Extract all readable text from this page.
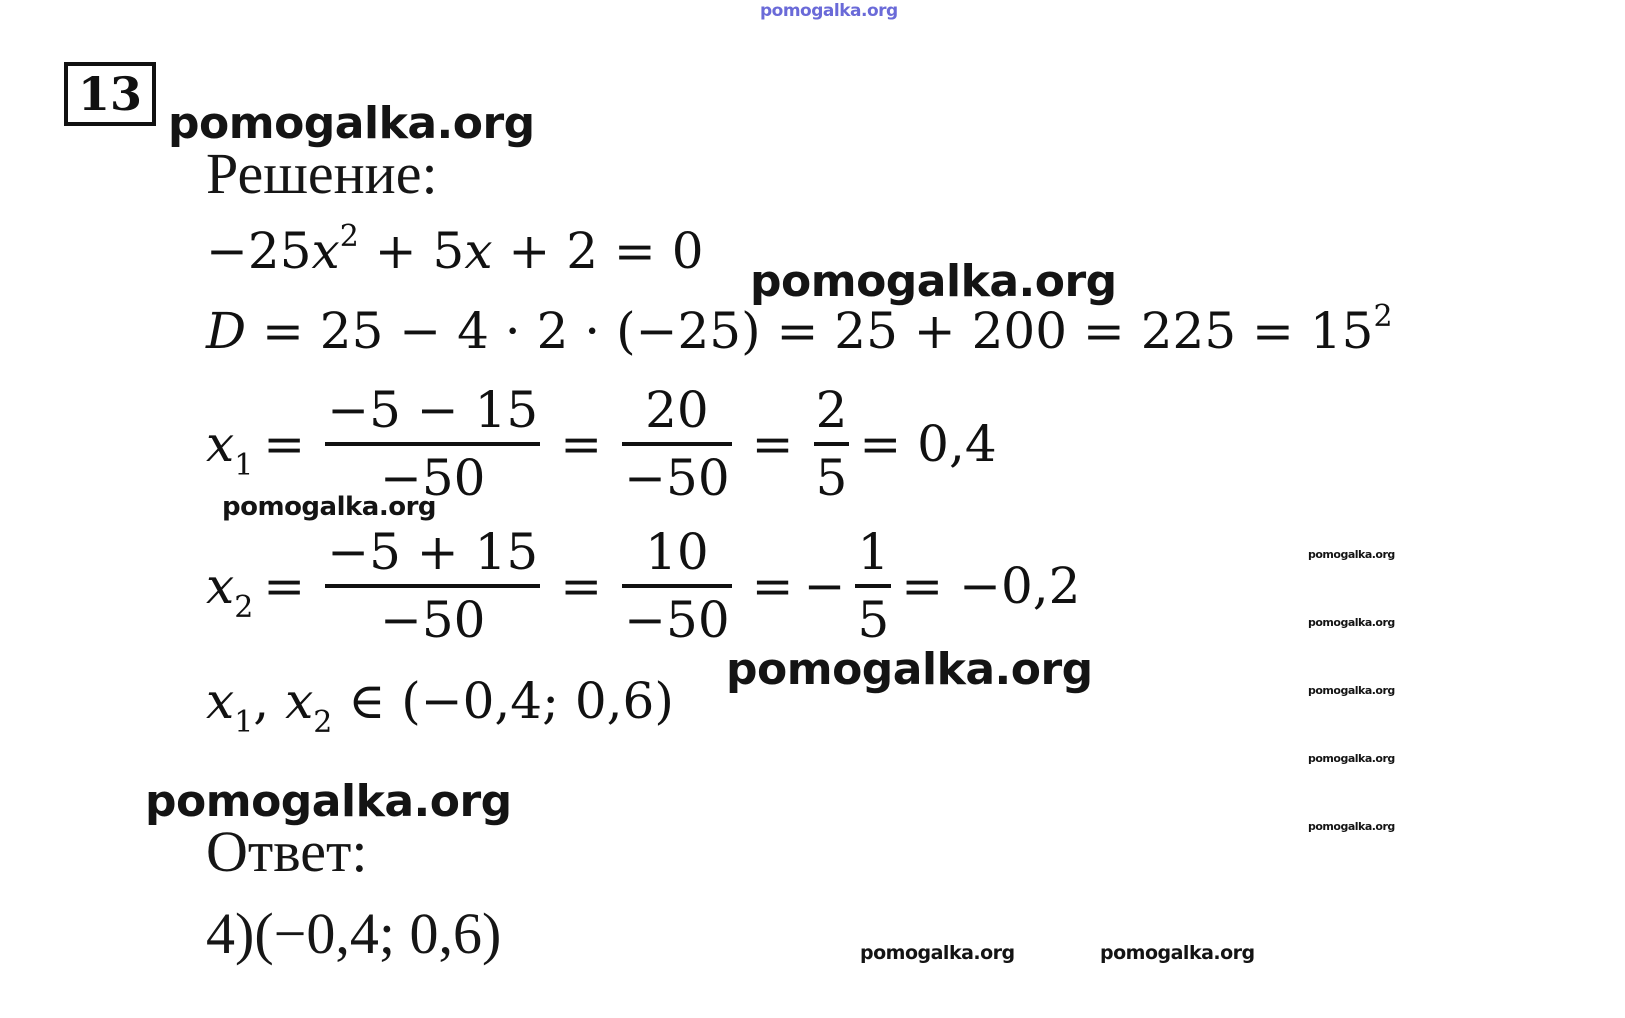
pomogalka.org
13
pomogalka.org
Решение:
$-25x^2 + 5x + 2 = 0$
pomogalka.org
$D = 25 - 4 \cdot 2 \cdot (-25) = 25 + 200 = 225 = 15^2$
$x_1 = \frac{-5 - 15}{-50} = \frac{20}{-50} = \frac{2}{5} = 0,4$
pomogalka.org
$x_2 = \frac{-5 + 15}{-50} = \frac{10}{-50}$ = − $\frac{1}{5} = -0,2$
pomogalka.org
$x_1$, $x_2$ ∈ (−0,4; 0,6)
pomogalka.org
Ответ:
4)(−0,4; 0,6)	pomogalka.org	pomogalka.org
pomogalka.org
pomogalka.org
pomogalka.org
pomogalka.org
pomogalka.org
